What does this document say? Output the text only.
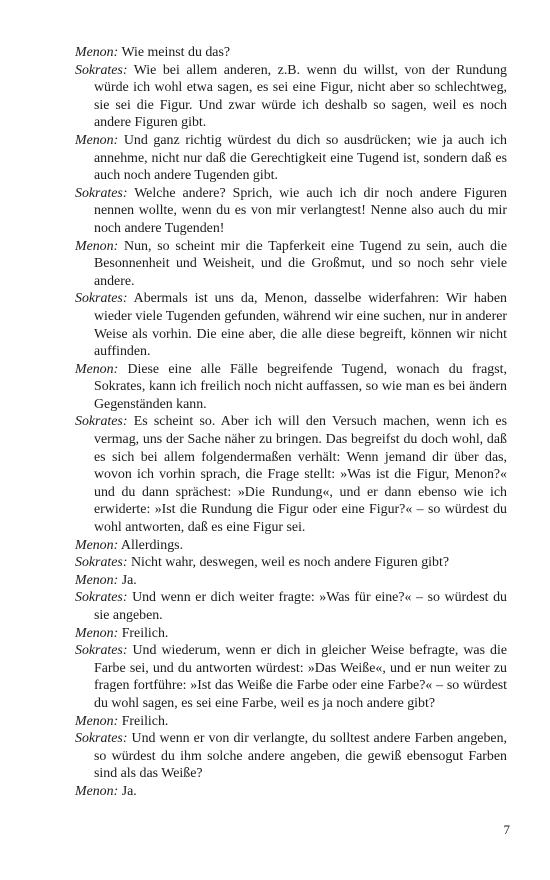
Menon: Wie meinst du das?

Sokrates: Wie bei allem anderen, z.B. wenn du willst, von der Rundung würde ich wohl etwa sagen, es sei eine Figur, nicht aber so schlechtweg, sie sei die Figur. Und zwar würde ich deshalb so sagen, weil es noch andere Figuren gibt.

Menon: Und ganz richtig würdest du dich so ausdrücken; wie ja auch ich annehme, nicht nur daß die Gerechtigkeit eine Tugend ist, sondern daß es auch noch andere Tugenden gibt.

Sokrates: Welche andere? Sprich, wie auch ich dir noch andere Figuren nennen wollte, wenn du es von mir verlangtest! Nenne also auch du mir noch andere Tugenden!

Menon: Nun, so scheint mir die Tapferkeit eine Tugend zu sein, auch die Besonnenheit und Weisheit, und die Großmut, und so noch sehr viele andere.

Sokrates: Abermals ist uns da, Menon, dasselbe widerfahren: Wir haben wieder viele Tugenden gefunden, während wir eine suchen, nur in anderer Weise als vorhin. Die eine aber, die alle diese begreift, können wir nicht auffinden.

Menon: Diese eine alle Fälle begreifende Tugend, wonach du fragst, Sokrates, kann ich freilich noch nicht auffassen, so wie man es bei ändern Gegenständen kann.

Sokrates: Es scheint so. Aber ich will den Versuch machen, wenn ich es vermag, uns der Sache näher zu bringen. Das begreifst du doch wohl, daß es sich bei allem folgendermaßen verhält: Wenn jemand dir über das, wovon ich vorhin sprach, die Frage stellt: »Was ist die Figur, Menon?« und du dann sprächest: »Die Rundung«, und er dann ebenso wie ich erwiderte: »Ist die Rundung die Figur oder eine Figur?« – so würdest du wohl antworten, daß es eine Figur sei.

Menon: Allerdings.

Sokrates: Nicht wahr, deswegen, weil es noch andere Figuren gibt?

Menon: Ja.

Sokrates: Und wenn er dich weiter fragte: »Was für eine?« – so würdest du sie angeben.

Menon: Freilich.

Sokrates: Und wiederum, wenn er dich in gleicher Weise befragte, was die Farbe sei, und du antworten würdest: »Das Weiße«, und er nun weiter zu fragen fortführe: »Ist das Weiße die Farbe oder eine Farbe?« – so würdest du wohl sagen, es sei eine Farbe, weil es ja noch andere gibt?

Menon: Freilich.

Sokrates: Und wenn er von dir verlangte, du solltest andere Farben angeben, so würdest du ihm solche andere angeben, die gewiß ebensogut Farben sind als das Weiße?

Menon: Ja.

7
